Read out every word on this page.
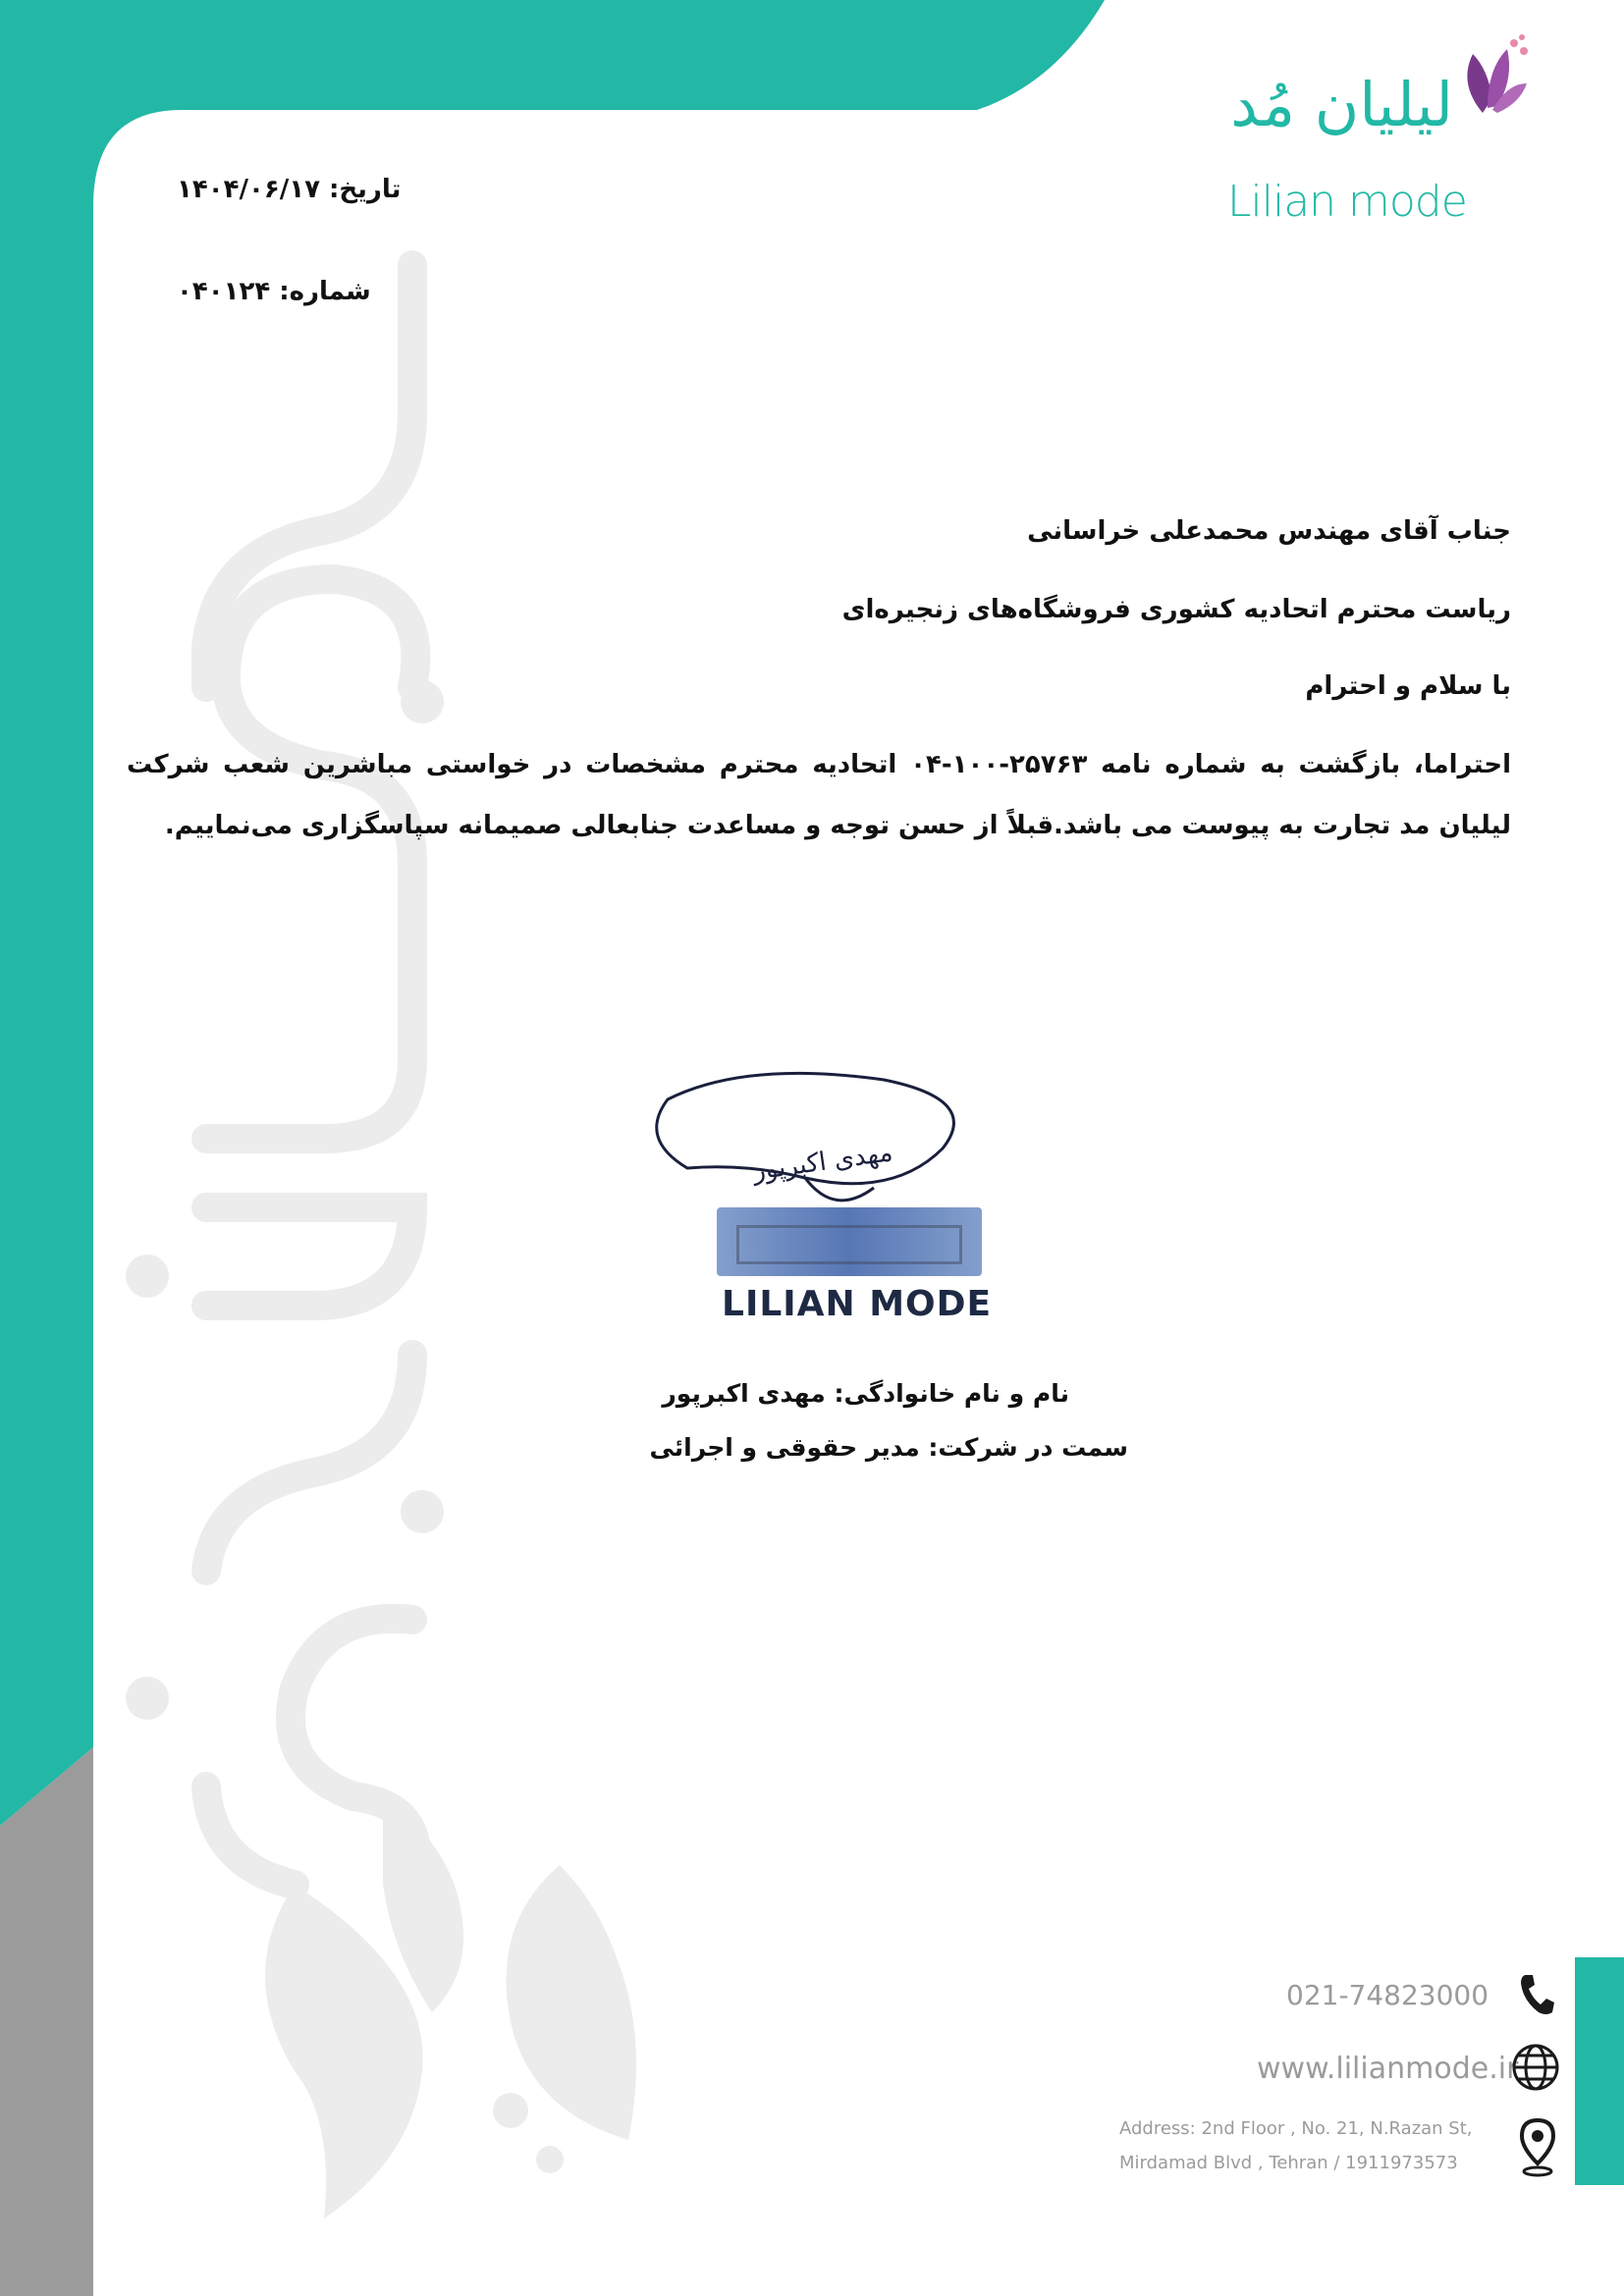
لیلیان مُد
Lilian mode
تاریخ: ۱۴۰۴/۰۶/۱۷
شماره: ۰۴۰۱۲۴
جناب آقای مهندس محمدعلی خراسانی
ریاست محترم اتحادیه کشوری فروشگاه‌های زنجیره‌ای
با سلام و احترام
احتراما، بازگشت به شماره نامه ۲۵۷۶۳-۱۰۰-۰۴ اتحادیه محترم مشخصات در خواستی مباشرین شعب شرکت لیلیان مد تجارت به پیوست می باشد.قبلاً از حسن توجه و مساعدت جنابعالی صمیمانه سپاسگزاری می‌نماییم.
مهدی اکبرپور
LILIAN MODE
نام و نام خانوادگی: مهدی اکبرپور
سمت در شرکت: مدیر حقوقی و اجرائی
021-74823000
www.lilianmode.ir
Address: 2nd Floor , No. 21, N.Razan St,
Mirdamad Blvd , Tehran / 1911973573
